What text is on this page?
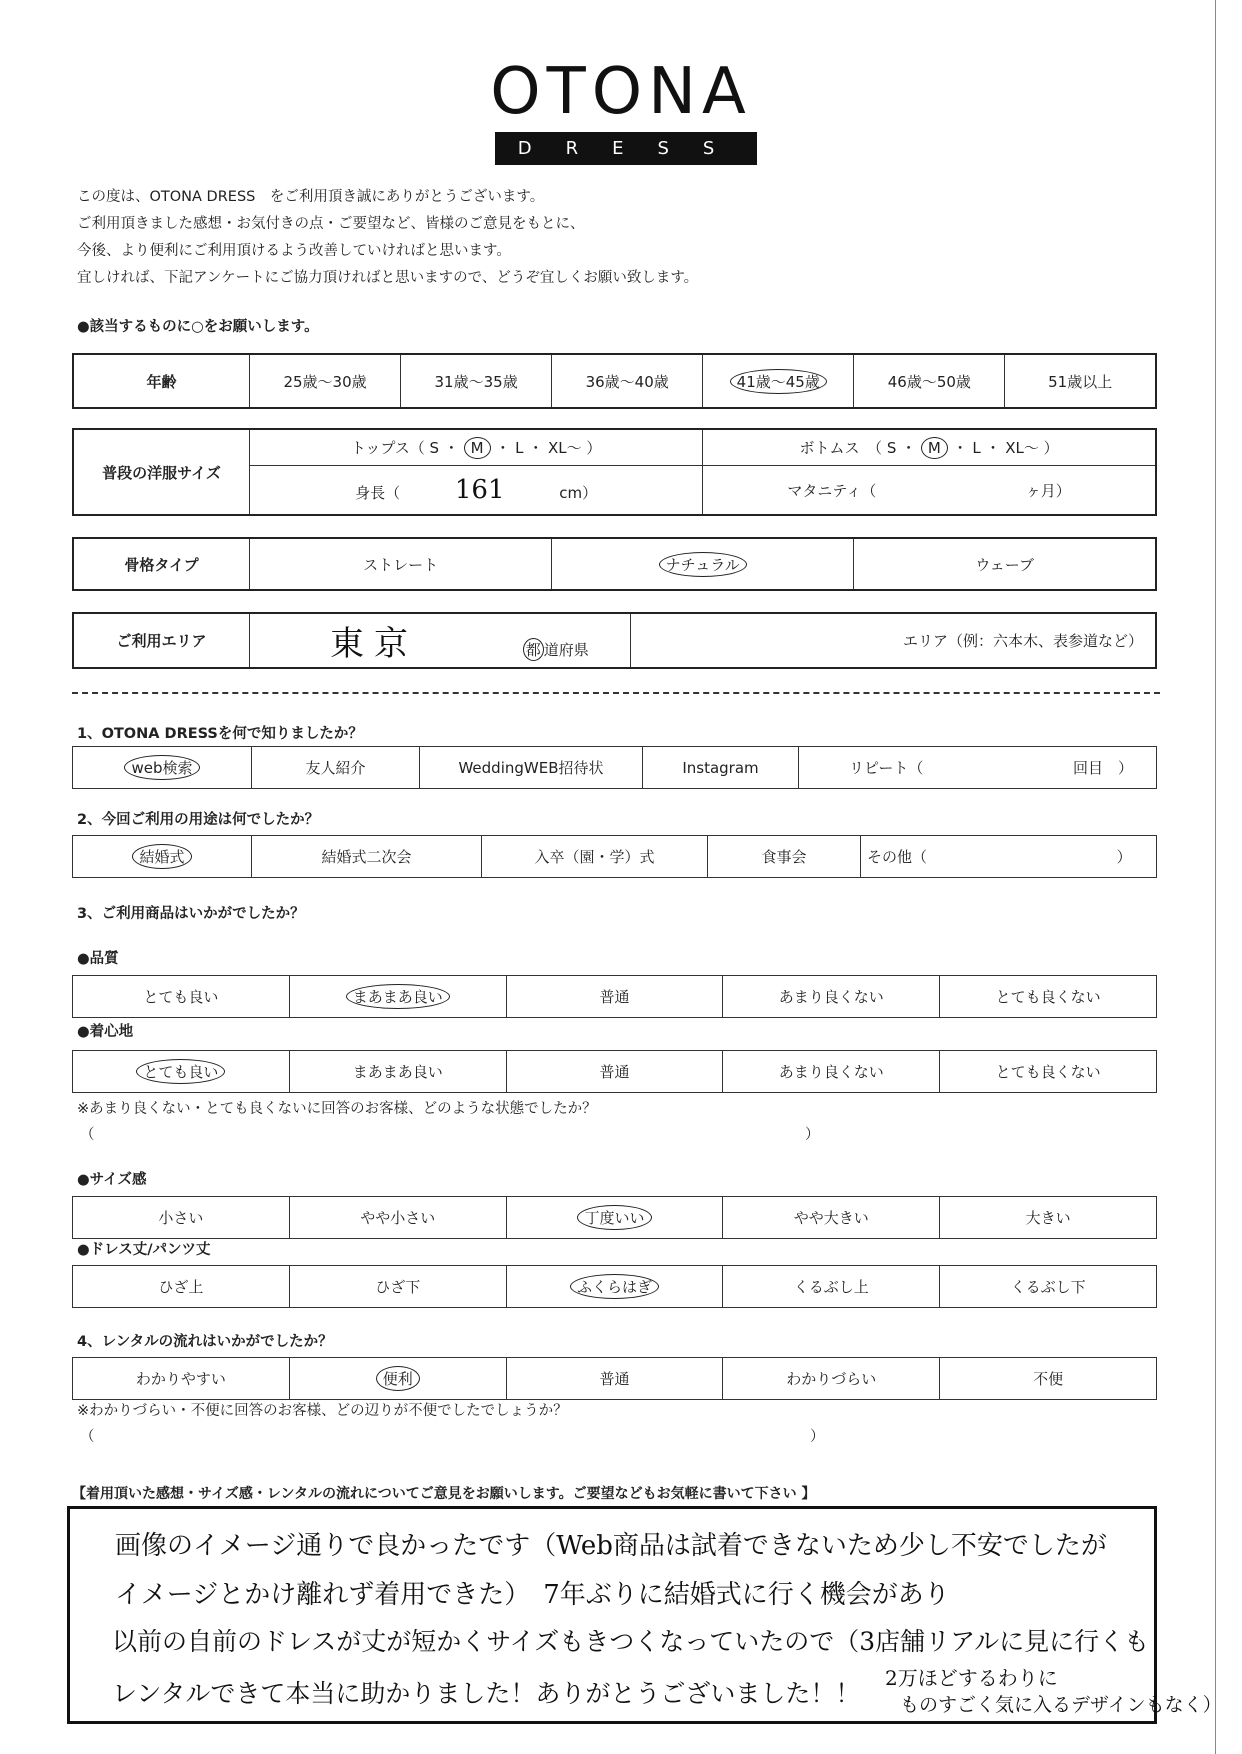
OTONA
DRESS
この度は、OTONA DRESS　をご利用頂き誠にありがとうございます。
ご利用頂きました感想・お気付きの点・ご要望など、皆様のご意見をもとに、
今後、より便利にご利用頂けるよう改善していければと思います。
宜しければ、下記アンケートにご協力頂ければと思いますので、どうぞ宜しくお願い致します。
●該当するものに○をお願いします。
年齢	25歳〜30歳	31歳〜35歳	36歳〜40歳	41歳〜45歳	46歳〜50歳	51歳以上
普段の洋服サイズ	トップス（ S ・ M ・ L ・ XL〜 ）	ボトムス　（ S ・ M ・ L ・ XL〜 ）
	身長（ 161 cm）	マタニティ（ ヶ月）
骨格タイプ	ストレート	ナチュラル	ウェーブ
ご利用エリア	東京	都 道府県	エリア（例：六本木、表参道など）
1、OTONA DRESSを何で知りましたか？
web検索	友人紹介	WeddingWEB招待状	Instagram	リピート（	回目　）
2、今回ご利用の用途は何でしたか？
結婚式	結婚式二次会	入卒（園・学）式	食事会	その他（	）
3、ご利用商品はいかがでしたか？
●品質
とても良い	まあまあ良い	普通	あまり良くない	とても良くない
●着心地
とても良い	まあまあ良い	普通	あまり良くない	とても良くない
※あまり良くない・とても良くないに回答のお客様、どのような状態でしたか？
（	）
●サイズ感
小さい	やや小さい	丁度いい	やや大きい	大きい
●ドレス丈/パンツ丈
ひざ上	ひざ下	ふくらはぎ	くるぶし上	くるぶし下
4、レンタルの流れはいかがでしたか？
わかりやすい	便利	普通	わかりづらい	不便
※わかりづらい・不便に回答のお客様、どの辺りが不便でしたでしょうか？
（	）
【着用頂いた感想・サイズ感・レンタルの流れについてご意見をお願いします。ご要望などもお気軽に書いて下さい 】
画像のイメージ通りで良かったです（Web商品は試着できないため少し不安でしたが
イメージとかけ離れず着用できた）　7年ぶりに結婚式に行く機会があり
以前の自前のドレスが丈が短かくサイズもきつくなっていたので（3店舗リアルに見に行くも
レンタルできて本当に助かりました！ありがとうございました！！
2万ほどするわりに
ものすごく気に入るデザインもなく）
